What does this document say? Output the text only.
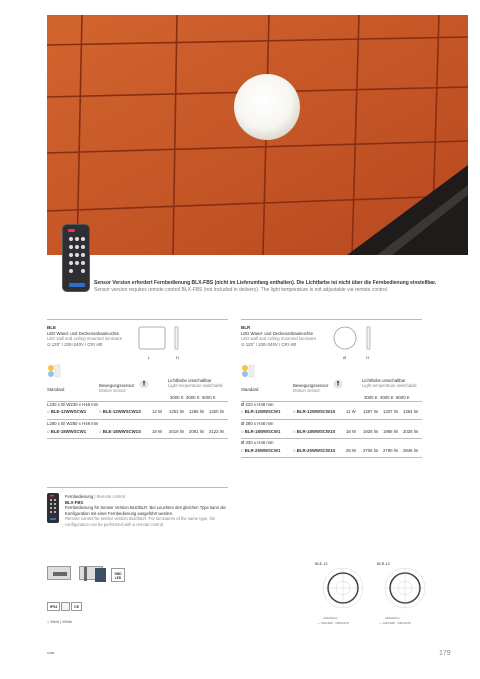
Sensor Version erfordert Fernbedienung BLX-FBS (nicht im Lieferumfang enthalten). Die Lichtfarbe ist nicht über die Fernbedienung einstellbar.
Sensor version requires remote control BLX-FBS (not included in delivery). The light temperature is not adjustable via remote control.
BLE
LED Wand- und Deckenanbauleuchte
LED wall and ceiling mounted luminaire
⊙ 120° / 220÷240V / CRI ›80
L	H
Standard
Bewegungssensor
Motion sensor
Lichtfarbe umschaltbar
Light temperature switchable
3000 K 4000 K 6000 K
L230 x B/ W230 x H48 mm
○ BLE-12WWSCW1	○ BLE-12WWSCW1S	12 W 1253 lm 1286 lm 1320 lm
L280 x B/ W280 x H48 mm
○ BLE-18WWSCW1	○ BLE-18WWSCW1S	18 W 2019 lm 2081 lm 2123 lm
BLR
LED Wand- und Deckenanbauleuchte
LED wall and ceiling mounted luminaire
⊙ 120° / 220÷240V / CRI ›80
Ø	H
Standard
Bewegungssensor
Motion sensor
Lichtfarbe umschaltbar
Light temperature switchable
3000 K 4000 K 6000 K
Ø 220 x H48 mm
○ BLR-12WWSCW1	○ BLR-12WWSCW1S	11 W 1297 lm 1337 lm 1364 lm
Ø 280 x H48 mm
○ BLR-18WWSCW1	○ BLR-18WWSCW1S	18 W 1928 lm 1988 lm 2028 lm
Ø 330 x H48 mm
○ BLR-25WWSCW1	○ BLR-25WWSCW1S	25 W 2706 lm 2790 lm 2846 lm
Fernbedienung | Remote control
BLX-FBS
Fernbedienung für Sensor Version BLE/BLR. Bei Leuchten des gleichen Type kann die Konfiguration mit einer Fernbedienung ausgeführt werden.
Remote control for sensor version BLE/BLR. For luminaires of the same type, the configuration can be performed with a remote control.
SMD LED
IP54	CE
○ Weiß | White
BLE-12
cd/1000 lm
— C0/C180 · C90/C270
BLR-12
cd/1000 lm
— C0/C180 · C90/C270
solar	179
